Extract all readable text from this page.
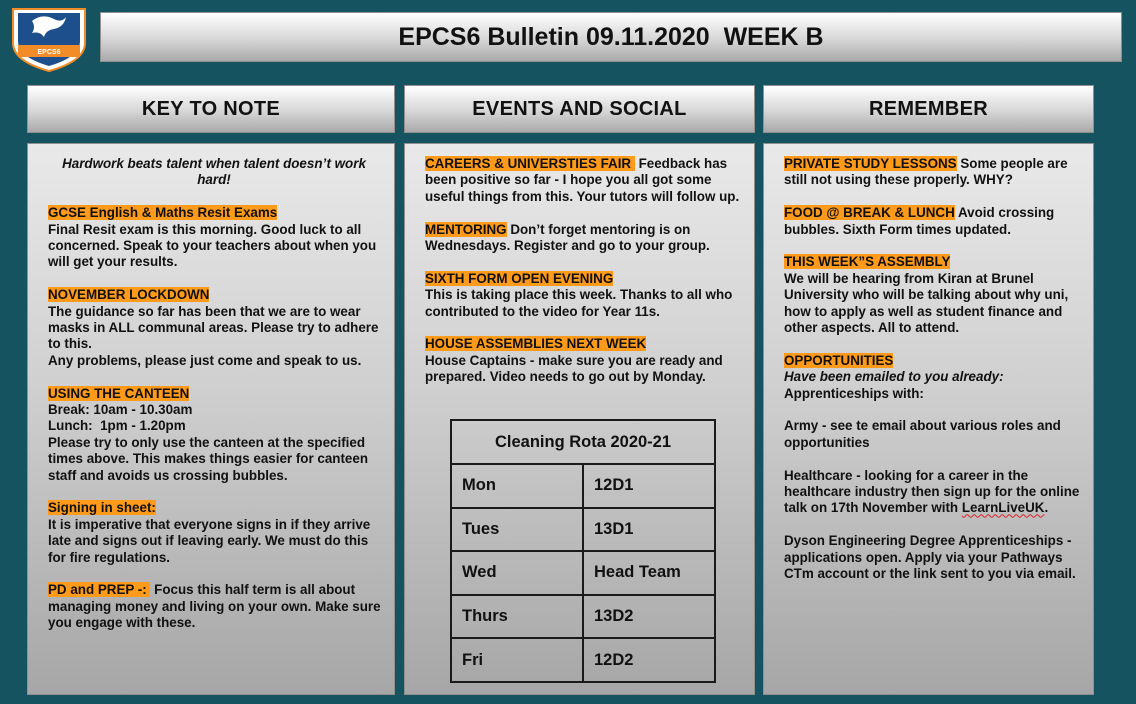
EPCS6
EPCS6 Bulletin 09.11.2020  WEEK B
KEY TO NOTE	EVENTS AND SOCIAL	REMEMBER
Hardwork beats talent when talent doesn’t work hard!
GCSE English & Maths Resit Exams
Final Resit exam is this morning. Good luck to all concerned. Speak to your teachers about when you will get your results.
NOVEMBER LOCKDOWN
The guidance so far has been that we are to wear masks in ALL communal areas. Please try to adhere to this.
Any problems, please just come and speak to us.
USING THE CANTEEN
Break: 10am - 10.30am
Lunch:  1pm - 1.20pm
Please try to only use the canteen at the specified times above. This makes things easier for canteen staff and avoids us crossing bubbles.
Signing in sheet:
It is imperative that everyone signs in if they arrive late and signs out if leaving early. We must do this for fire regulations.
PD and PREP -:  Focus this half term is all about managing money and living on your own. Make sure you engage with these.
CAREERS & UNIVERSTIES FAIR  Feedback has been positive so far - I hope you all got some useful things from this. Your tutors will follow up.
MENTORING Don’t forget mentoring is on Wednesdays. Register and go to your group.
SIXTH FORM OPEN EVENING
This is taking place this week. Thanks to all who contributed to the video for Year 11s.
HOUSE ASSEMBLIES NEXT WEEK
House Captains - make sure you are ready and prepared. Video needs to go out by Monday.
Cleaning Rota 2020-21	
Mon	12D1
Tues	13D1
Wed	Head Team
Thurs	13D2
Fri	12D2
PRIVATE STUDY LESSONS Some people are still not using these properly. WHY?
FOOD @ BREAK & LUNCH Avoid crossing bubbles. Sixth Form times updated.
THIS WEEK”S ASSEMBLY
We will be hearing from Kiran at Brunel University who will be talking about why uni, how to apply as well as student finance and other aspects. All to attend.
OPPORTUNITIES
Have been emailed to you already:
Apprenticeships with:
Army - see te email about various roles and opportunities
Healthcare - looking for a career in the healthcare industry then sign up for the online talk on 17th November with LearnLiveUK.
Dyson Engineering Degree Apprenticeships - applications open. Apply via your Pathways CTm account or the link sent to you via email.
